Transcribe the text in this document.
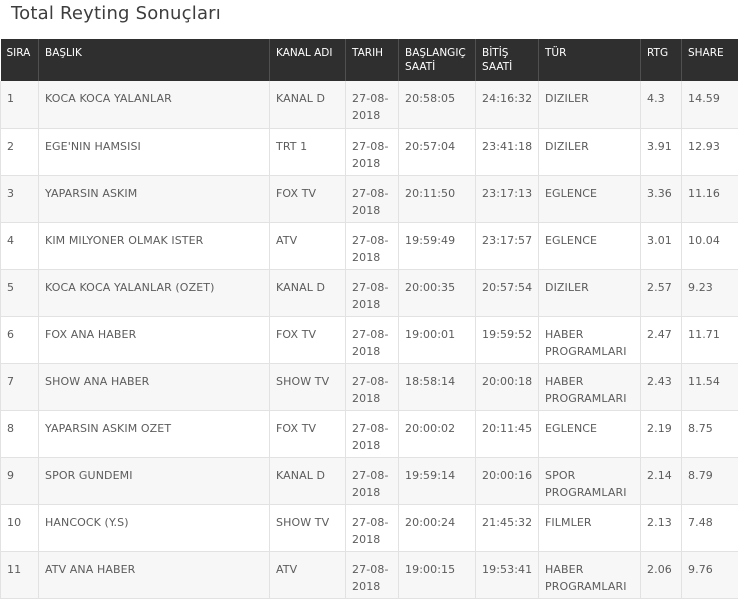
Total Reyting Sonuçları
SIRA	BAŞLIK	KANAL ADI	TARIH	BAŞLANGIÇ SAATİ	BİTİŞ SAATİ	TÜR	RTG	SHARE
1	KOCA KOCA YALANLAR	KANAL D	27-08-2018	20:58:05	24:16:32	DIZILER	4.3	14.59
2	EGE'NIN HAMSISI	TRT 1	27-08-2018	20:57:04	23:41:18	DIZILER	3.91	12.93
3	YAPARSIN ASKIM	FOX TV	27-08-2018	20:11:50	23:17:13	EGLENCE	3.36	11.16
4	KIM MILYONER OLMAK ISTER	ATV	27-08-2018	19:59:49	23:17:57	EGLENCE	3.01	10.04
5	KOCA KOCA YALANLAR (OZET)	KANAL D	27-08-2018	20:00:35	20:57:54	DIZILER	2.57	9.23
6	FOX ANA HABER	FOX TV	27-08-2018	19:00:01	19:59:52	HABER PROGRAMLARI	2.47	11.71
7	SHOW ANA HABER	SHOW TV	27-08-2018	18:58:14	20:00:18	HABER PROGRAMLARI	2.43	11.54
8	YAPARSIN ASKIM OZET	FOX TV	27-08-2018	20:00:02	20:11:45	EGLENCE	2.19	8.75
9	SPOR GUNDEMI	KANAL D	27-08-2018	19:59:14	20:00:16	SPOR PROGRAMLARI	2.14	8.79
10	HANCOCK (Y.S)	SHOW TV	27-08-2018	20:00:24	21:45:32	FILMLER	2.13	7.48
11	ATV ANA HABER	ATV	27-08-2018	19:00:15	19:53:41	HABER PROGRAMLARI	2.06	9.76
